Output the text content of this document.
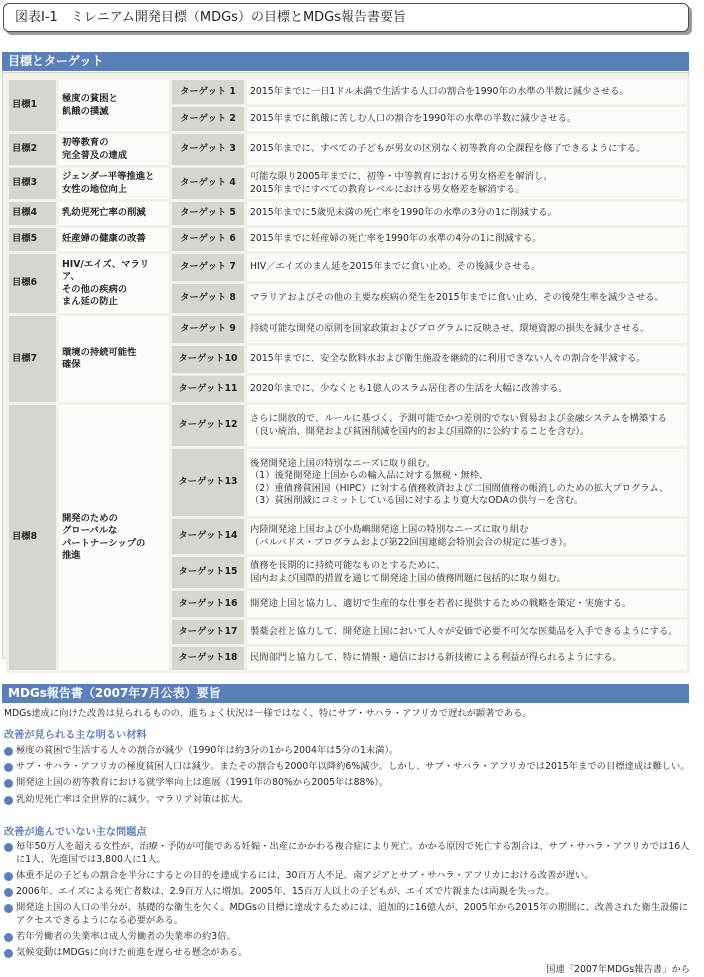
図表I-1　ミレニアム開発目標（MDGs）の目標とMDGs報告書要旨
目標とターゲット
目標1	極度の貧困と
飢餓の撲滅	ターゲット 1	2015年までに一日1ドル未満で生活する人口の割合を1990年の水準の半数に減少させる。
		ターゲット 2	2015年までに飢餓に苦しむ人口の割合を1990年の水準の半数に減少させる。
目標2	初等教育の
完全普及の達成	ターゲット 3	2015年までに、すべての子どもが男女の区別なく初等教育の全課程を修了できるようにする。
目標3	ジェンダー平等推進と
女性の地位向上	ターゲット 4	可能な限り2005年までに、初等・中等教育における男女格差を解消し、
2015年までにすべての教育レベルにおける男女格差を解消する。
目標4	乳幼児死亡率の削減	ターゲット 5	2015年までに5歳児未満の死亡率を1990年の水準の3分の1に削減する。
目標5	妊産婦の健康の改善	ターゲット 6	2015年までに妊産婦の死亡率を1990年の水準の4分の1に削減する。
目標6	HIV/エイズ、マラリア、
その他の疾病の
まん延の防止	ターゲット 7	HIV／エイズのまん延を2015年までに食い止め、その後減少させる。
		ターゲット 8	マラリアおよびその他の主要な疾病の発生を2015年までに食い止め、その後発生率を減少させる。
目標7	環境の持続可能性
確保	ターゲット 9	持続可能な開発の原則を国家政策およびプログラムに反映させ、環境資源の損失を減少させる。
		ターゲット10	2015年までに、安全な飲料水および衛生施設を継続的に利用できない人々の割合を半減する。
		ターゲット11	2020年までに、少なくとも1億人のスラム居住者の生活を大幅に改善する。
目標8	開発のための
グローバルな
パートナーシップの
推進	ターゲット12	さらに開放的で、ルールに基づく、予測可能でかつ差別的でない貿易および金融システムを構築する
（良い統治、開発および貧困削減を国内的および国際的に公約することを含む）。
		ターゲット13	後発開発途上国の特別なニーズに取り組む。
（1）後発開発途上国からの輸入品に対する無税・無枠、
（2）重債務貧困国（HIPC）に対する債務救済および二国間債務の帳消しのための拡大プログラム、
（3）貧困削減にコミットしている国に対するより寛大なODAの供与－を含む。
		ターゲット14	内陸開発途上国および小島嶼開発途上国の特別なニーズに取り組む
（バルバドス・プログラムおよび第22回国連総会特別会合の規定に基づき）。
		ターゲット15	債務を長期的に持続可能なものとするために、
国内および国際的措置を通じて開発途上国の債務問題に包括的に取り組む。
		ターゲット16	開発途上国と協力し、適切で生産的な仕事を若者に提供するための戦略を策定・実施する。
		ターゲット17	製薬会社と協力して、開発途上国において人々が安価で必要不可欠な医薬品を入手できるようにする。
		ターゲット18	民間部門と協力して、特に情報・通信における新技術による利益が得られるようにする。
MDGs報告書（2007年7月公表）要旨
MDGs達成に向けた改善は見られるものの、進ちょく状況は一様ではなく、特にサブ・サハラ・アフリカで遅れが顕著である。
改善が見られる主な明るい材料
極度の貧困で生活する人々の割合が減少（1990年は約3分の1から2004年は5分の1未満）。
サブ・サハラ・アフリカの極度貧困人口は減少。またその割合も2000年以降約6%減少。しかし、サブ・サハラ・アフリカでは2015年までの目標達成は難しい。
開発途上国の初等教育における就学率向上は進展（1991年の80%から2005年は88%）。
乳幼児死亡率は全世界的に減少。マラリア対策は拡大。
改善が進んでいない主な問題点
毎年50万人を超える女性が、治療・予防が可能である妊娠・出産にかかわる複合症により死亡。かかる原因で死亡する割合は、サブ・サハラ・アフリカでは16人に1人、先進国では3,800人に1人。
体重不足の子どもの割合を半分にするとの目的を達成するには、30百万人不足。南アジアとサブ・サハラ・アフリカにおける改善が遅い。
2006年、エイズによる死亡者数は、2.9百万人に増加。2005年、15百万人以上の子どもが、エイズで片親または両親を失った。
開発途上国の人口の半分が、基礎的な衛生を欠く。MDGsの目標に達成するためには、追加的に16億人が、2005年から2015年の期間に、改善された衛生設備にアクセスできるようになる必要がある。
若年労働者の失業率は成人労働者の失業率の約3倍。
気候変動はMDGsに向けた前進を遅らせる懸念がある。
国連「2007年MDGs報告書」から
